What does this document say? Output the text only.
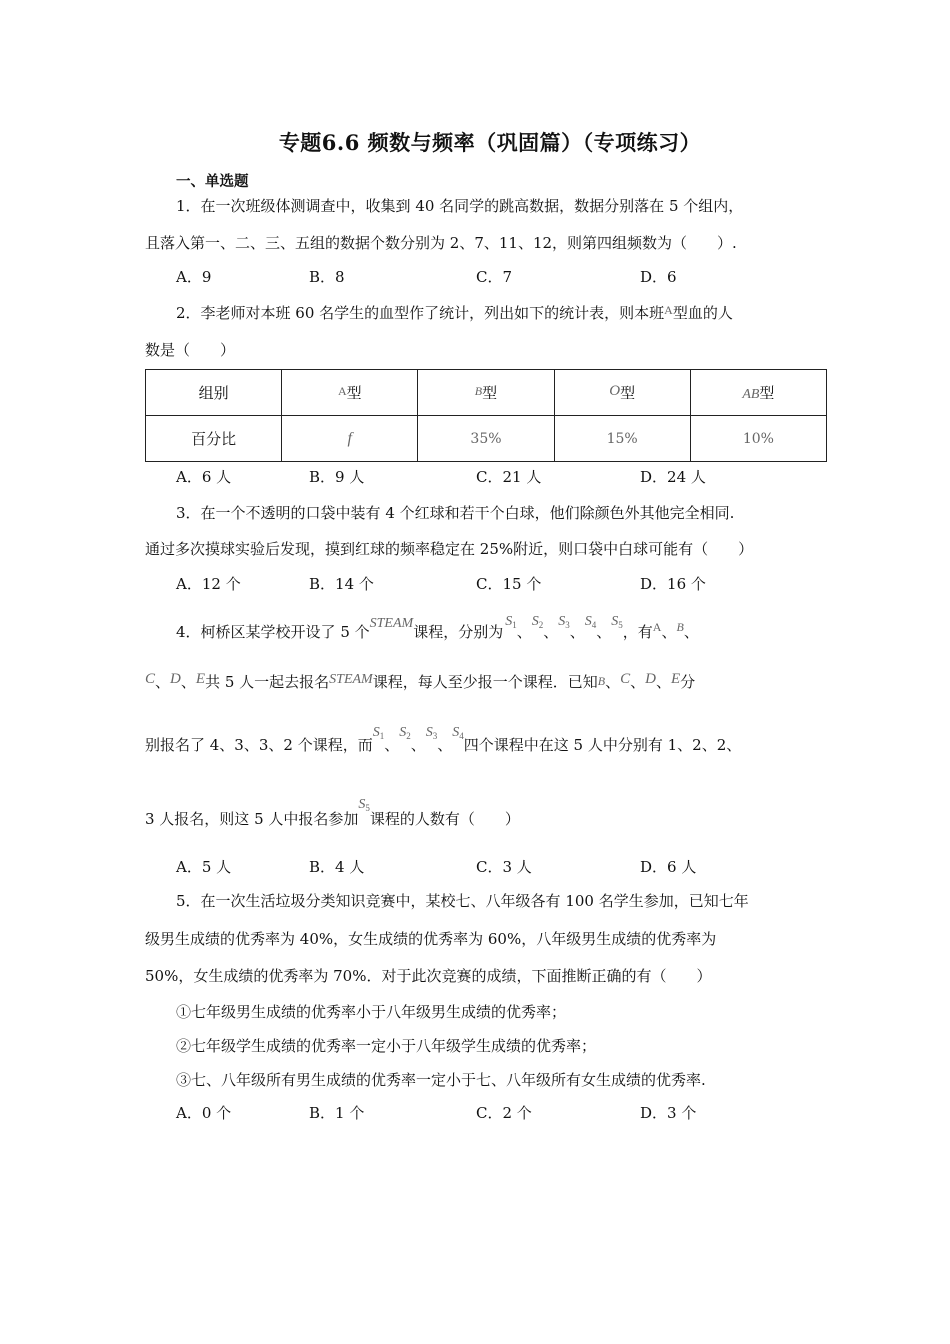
专题6.6 频数与频率（巩固篇）（专项练习）
一、单选题
1．在一次班级体测调查中，收集到 40 名同学的跳高数据，数据分别落在 5 个组内，
且落入第一、二、三、五组的数据个数分别为 2、7、11、12，则第四组频数为（　　）.
A．9	B．8	C．7	D．6
2．李老师对本班 60 名学生的血型作了统计，列出如下的统计表，则本班$^A$型血的人
数是（　　）
组别	$^A$型	$^B$型	O型	AB型
百分比	f	35%	15%	10%
A．6 人	B．9 人	C．21 人	D．24 人
3．在一个不透明的口袋中装有 4 个红球和若干个白球，他们除颜色外其他完全相同.
通过多次摸球实验后发现，摸到红球的频率稳定在 25%附近，则口袋中白球可能有（　　）
A．12 个	B．14 个	C．15 个	D．16 个
4．柯桥区某学校开设了 5 个STEAM课程，分别为$S_1$、$S_2$、$S_3$、$S_4$、$S_5$，有$^A$、$^B$、
C、D、E共 5 人一起去报名STEAM课程，每人至少报一个课程．已知B、C、D、E分
别报名了 4、3、3、2 个课程，而$S_1$、$S_2$、$S_3$、$S_4$四个课程中在这 5 人中分别有 1、2、2、
3 人报名，则这 5 人中报名参加$S_5$课程的人数有（　　）
A．5 人	B．4 人	C．3 人	D．6 人
5．在一次生活垃圾分类知识竞赛中，某校七、八年级各有 100 名学生参加，已知七年
级男生成绩的优秀率为 40%，女生成绩的优秀率为 60%，八年级男生成绩的优秀率为
50%，女生成绩的优秀率为 70%．对于此次竞赛的成绩，下面推断正确的有（　　）
①七年级男生成绩的优秀率小于八年级男生成绩的优秀率；
②七年级学生成绩的优秀率一定小于八年级学生成绩的优秀率；
③七、八年级所有男生成绩的优秀率一定小于七、八年级所有女生成绩的优秀率.
A．0 个	B．1 个	C．2 个	D．3 个
